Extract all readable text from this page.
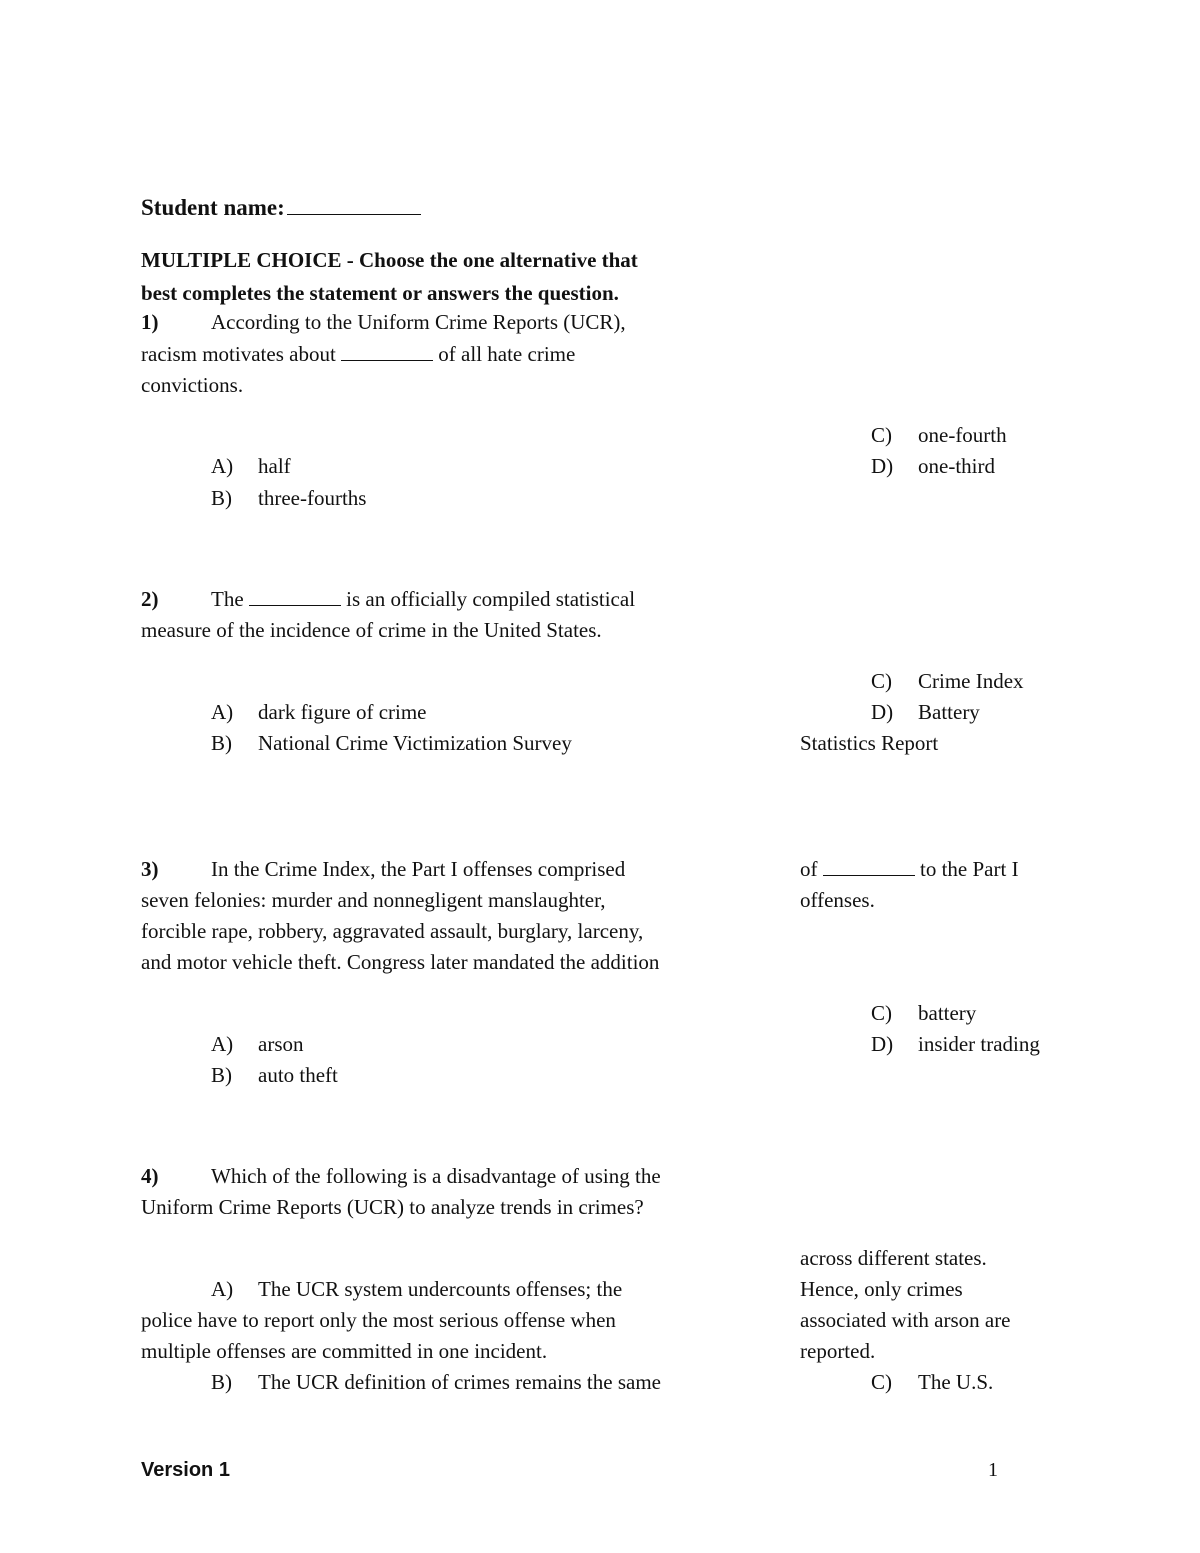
Student name:
MULTIPLE CHOICE - Choose the one alternative that
best completes the statement or answers the question.
1)	According to the Uniform Crime Reports (UCR),
racism motivates about	of all hate crime
convictions.
C) one-fourth
A) half	D) one-third
B) three-fourths
2)	The	is an officially compiled statistical
measure of the incidence of crime in the United States.
C) Crime Index
A) dark figure of crime	D) Battery
B) National Crime Victimization Survey	Statistics Report
3)	In the Crime Index, the Part I offenses comprised
seven felonies: murder and nonnegligent manslaughter,
forcible rape, robbery, aggravated assault, burglary, larceny,
and motor vehicle theft. Congress later mandated the addition
of	to the Part I
offenses.
C) battery
A) arson	D) insider trading
B) auto theft
4)	Which of the following is a disadvantage of using the
Uniform Crime Reports (UCR) to analyze trends in crimes?
A) The UCR system undercounts offenses; the
police have to report only the most serious offense when
multiple offenses are committed in one incident.
B) The UCR definition of crimes remains the same
across different states.
Hence, only crimes
associated with arson are
reported.
C) The U.S.
Version 1	1
